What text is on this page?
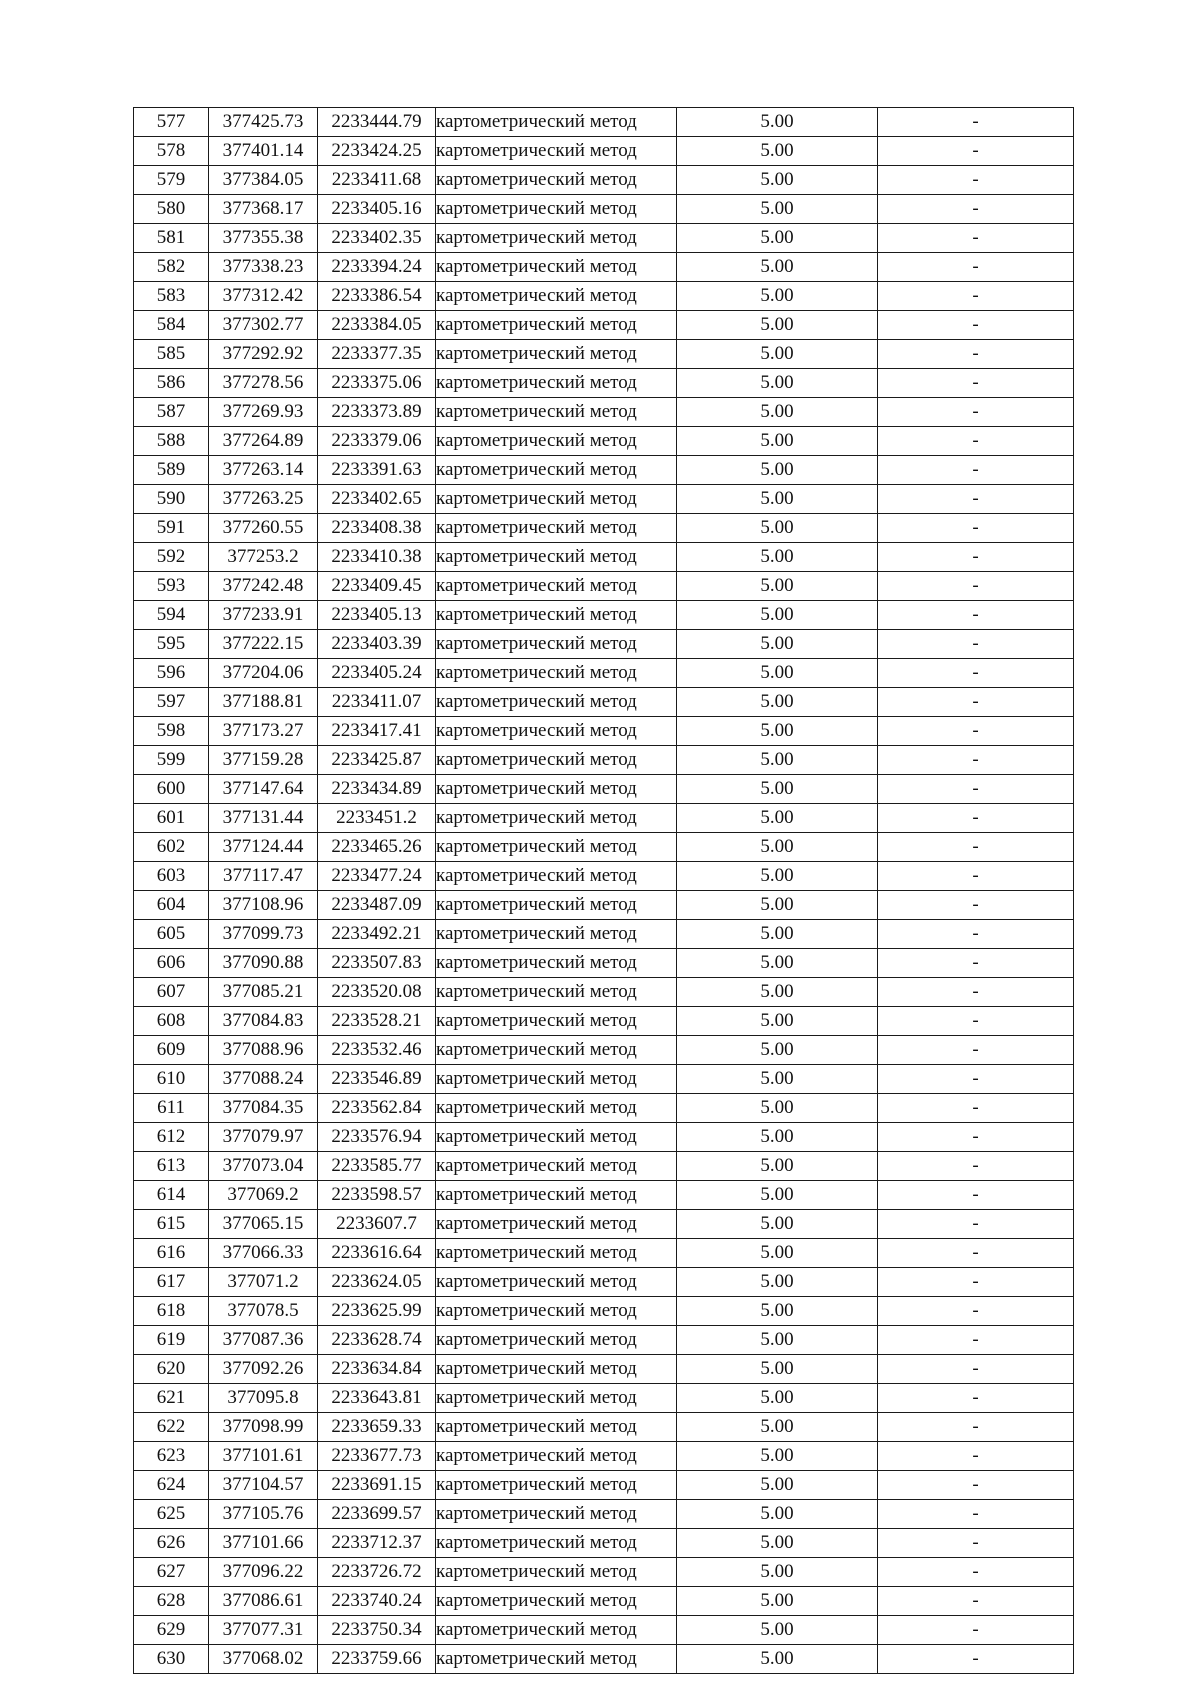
577	377425.73	2233444.79	картометрический метод	5.00	-
578	377401.14	2233424.25	картометрический метод	5.00	-
579	377384.05	2233411.68	картометрический метод	5.00	-
580	377368.17	2233405.16	картометрический метод	5.00	-
581	377355.38	2233402.35	картометрический метод	5.00	-
582	377338.23	2233394.24	картометрический метод	5.00	-
583	377312.42	2233386.54	картометрический метод	5.00	-
584	377302.77	2233384.05	картометрический метод	5.00	-
585	377292.92	2233377.35	картометрический метод	5.00	-
586	377278.56	2233375.06	картометрический метод	5.00	-
587	377269.93	2233373.89	картометрический метод	5.00	-
588	377264.89	2233379.06	картометрический метод	5.00	-
589	377263.14	2233391.63	картометрический метод	5.00	-
590	377263.25	2233402.65	картометрический метод	5.00	-
591	377260.55	2233408.38	картометрический метод	5.00	-
592	377253.2	2233410.38	картометрический метод	5.00	-
593	377242.48	2233409.45	картометрический метод	5.00	-
594	377233.91	2233405.13	картометрический метод	5.00	-
595	377222.15	2233403.39	картометрический метод	5.00	-
596	377204.06	2233405.24	картометрический метод	5.00	-
597	377188.81	2233411.07	картометрический метод	5.00	-
598	377173.27	2233417.41	картометрический метод	5.00	-
599	377159.28	2233425.87	картометрический метод	5.00	-
600	377147.64	2233434.89	картометрический метод	5.00	-
601	377131.44	2233451.2	картометрический метод	5.00	-
602	377124.44	2233465.26	картометрический метод	5.00	-
603	377117.47	2233477.24	картометрический метод	5.00	-
604	377108.96	2233487.09	картометрический метод	5.00	-
605	377099.73	2233492.21	картометрический метод	5.00	-
606	377090.88	2233507.83	картометрический метод	5.00	-
607	377085.21	2233520.08	картометрический метод	5.00	-
608	377084.83	2233528.21	картометрический метод	5.00	-
609	377088.96	2233532.46	картометрический метод	5.00	-
610	377088.24	2233546.89	картометрический метод	5.00	-
611	377084.35	2233562.84	картометрический метод	5.00	-
612	377079.97	2233576.94	картометрический метод	5.00	-
613	377073.04	2233585.77	картометрический метод	5.00	-
614	377069.2	2233598.57	картометрический метод	5.00	-
615	377065.15	2233607.7	картометрический метод	5.00	-
616	377066.33	2233616.64	картометрический метод	5.00	-
617	377071.2	2233624.05	картометрический метод	5.00	-
618	377078.5	2233625.99	картометрический метод	5.00	-
619	377087.36	2233628.74	картометрический метод	5.00	-
620	377092.26	2233634.84	картометрический метод	5.00	-
621	377095.8	2233643.81	картометрический метод	5.00	-
622	377098.99	2233659.33	картометрический метод	5.00	-
623	377101.61	2233677.73	картометрический метод	5.00	-
624	377104.57	2233691.15	картометрический метод	5.00	-
625	377105.76	2233699.57	картометрический метод	5.00	-
626	377101.66	2233712.37	картометрический метод	5.00	-
627	377096.22	2233726.72	картометрический метод	5.00	-
628	377086.61	2233740.24	картометрический метод	5.00	-
629	377077.31	2233750.34	картометрический метод	5.00	-
630	377068.02	2233759.66	картометрический метод	5.00	-
